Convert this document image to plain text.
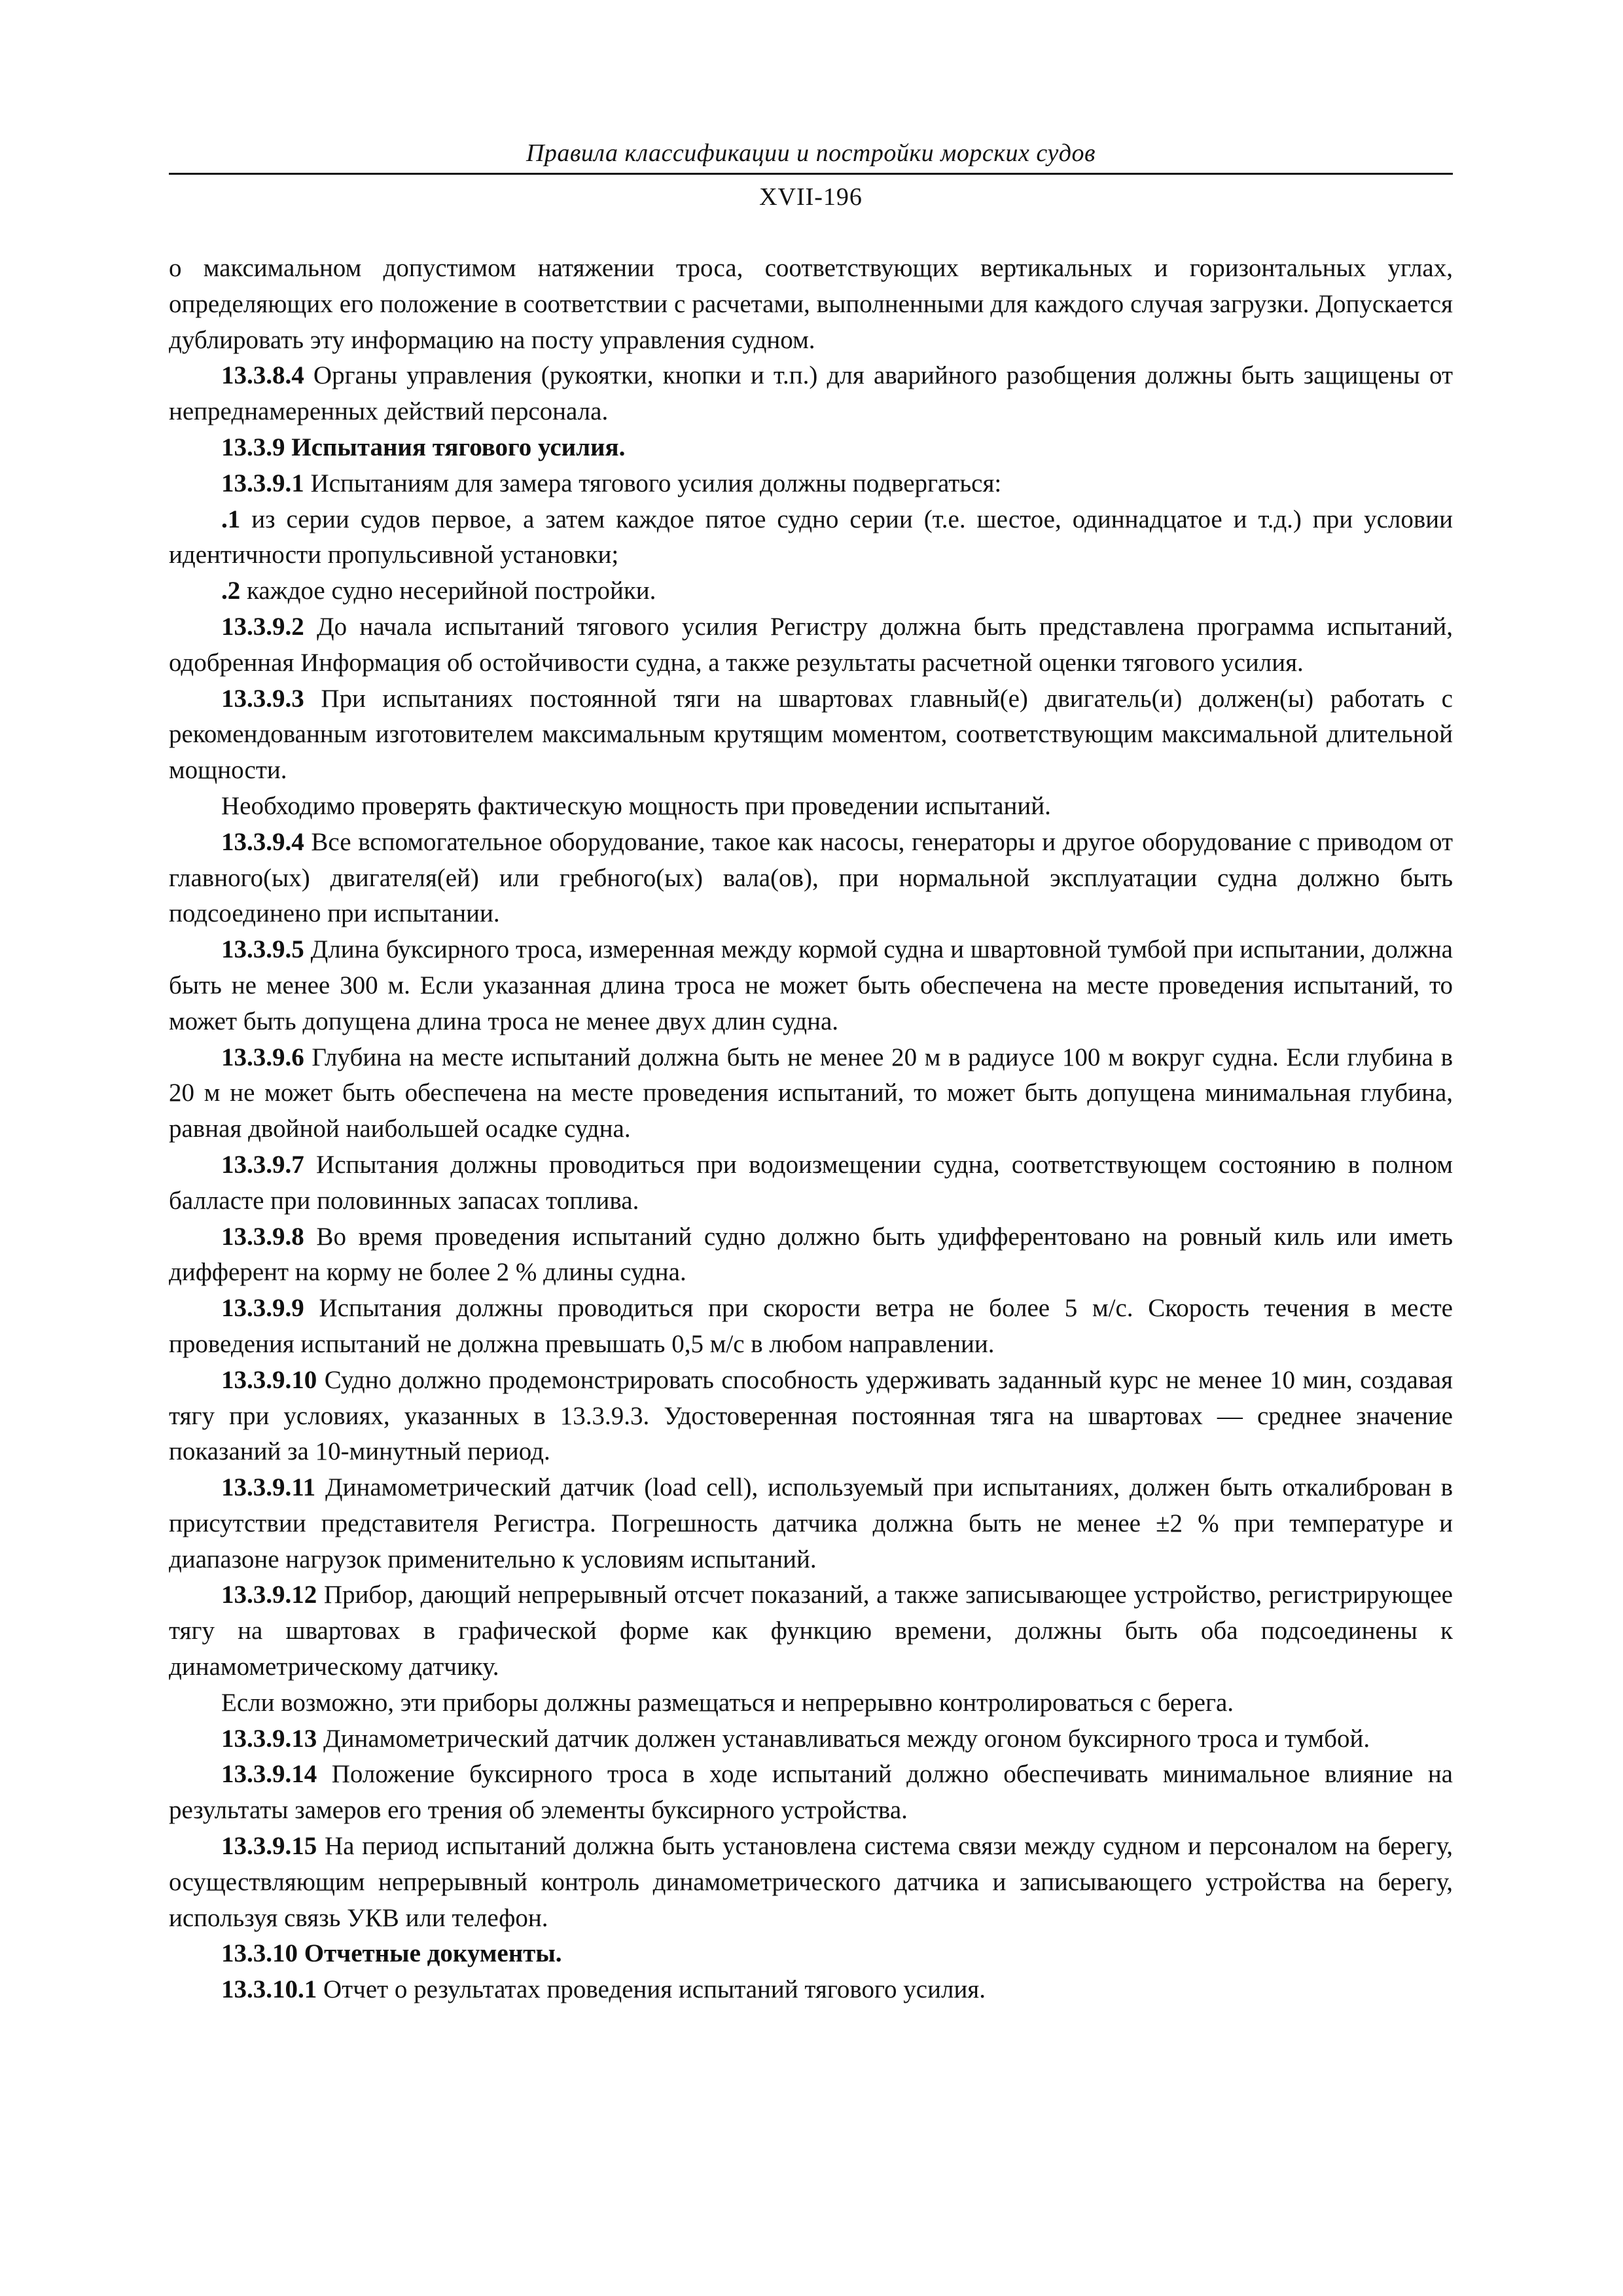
Правила классификации и постройки морских судов
XVII-196

о максимальном допустимом натяжении троса, соответствующих вертикальных и горизонтальных углах, определяющих его положение в соответствии с расчетами, выполненными для каждого случая загрузки. Допускается дублировать эту информацию на посту управления судном.

13.3.8.4 Органы управления (рукоятки, кнопки и т.п.) для аварийного разобщения должны быть защищены от непреднамеренных действий персонала.

13.3.9 Испытания тягового усилия.

13.3.9.1 Испытаниям для замера тягового усилия должны подвергаться:

.1 из серии судов первое, а затем каждое пятое судно серии (т.е. шестое, одиннадцатое и т.д.) при условии идентичности пропульсивной установки;

.2 каждое судно несерийной постройки.

13.3.9.2 До начала испытаний тягового усилия Регистру должна быть представлена программа испытаний, одобренная Информация об остойчивости судна, а также результаты расчетной оценки тягового усилия.

13.3.9.3 При испытаниях постоянной тяги на швартовах главный(е) двигатель(и) должен(ы) работать с рекомендованным изготовителем максимальным крутящим моментом, соответствующим максимальной длительной мощности.

Необходимо проверять фактическую мощность при проведении испытаний.

13.3.9.4 Все вспомогательное оборудование, такое как насосы, генераторы и другое оборудование с приводом от главного(ых) двигателя(ей) или гребного(ых) вала(ов), при нормальной эксплуатации судна должно быть подсоединено при испытании.

13.3.9.5 Длина буксирного троса, измеренная между кормой судна и швартовной тумбой при испытании, должна быть не менее 300 м. Если указанная длина троса не может быть обеспечена на месте проведения испытаний, то может быть допущена длина троса не менее двух длин судна.

13.3.9.6 Глубина на месте испытаний должна быть не менее 20 м в радиусе 100 м вокруг судна. Если глубина в 20 м не может быть обеспечена на месте проведения испытаний, то может быть допущена минимальная глубина, равная двойной наибольшей осадке судна.

13.3.9.7 Испытания должны проводиться при водоизмещении судна, соответствующем состоянию в полном балласте при половинных запасах топлива.

13.3.9.8 Во время проведения испытаний судно должно быть удифферентовано на ровный киль или иметь дифферент на корму не более 2 % длины судна.

13.3.9.9 Испытания должны проводиться при скорости ветра не более 5 м/с. Скорость течения в месте проведения испытаний не должна превышать 0,5 м/с в любом направлении.

13.3.9.10 Судно должно продемонстрировать способность удерживать заданный курс не менее 10 мин, создавая тягу при условиях, указанных в 13.3.9.3. Удостоверенная постоянная тяга на швартовах — среднее значение показаний за 10-минутный период.

13.3.9.11 Динамометрический датчик (load cell), используемый при испытаниях, должен быть откалиброван в присутствии представителя Регистра. Погрешность датчика должна быть не менее ±2 % при температуре и диапазоне нагрузок применительно к условиям испытаний.

13.3.9.12 Прибор, дающий непрерывный отсчет показаний, а также записывающее устройство, регистрирующее тягу на швартовах в графической форме как функцию времени, должны быть оба подсоединены к динамометрическому датчику.

Если возможно, эти приборы должны размещаться и непрерывно контролироваться с берега.

13.3.9.13 Динамометрический датчик должен устанавливаться между огоном буксирного троса и тумбой.

13.3.9.14 Положение буксирного троса в ходе испытаний должно обеспечивать минимальное влияние на результаты замеров его трения об элементы буксирного устройства.

13.3.9.15 На период испытаний должна быть установлена система связи между судном и персоналом на берегу, осуществляющим непрерывный контроль динамометрического датчика и записывающего устройства на берегу, используя связь УКВ или телефон.

13.3.10 Отчетные документы.

13.3.10.1 Отчет о результатах проведения испытаний тягового усилия.
